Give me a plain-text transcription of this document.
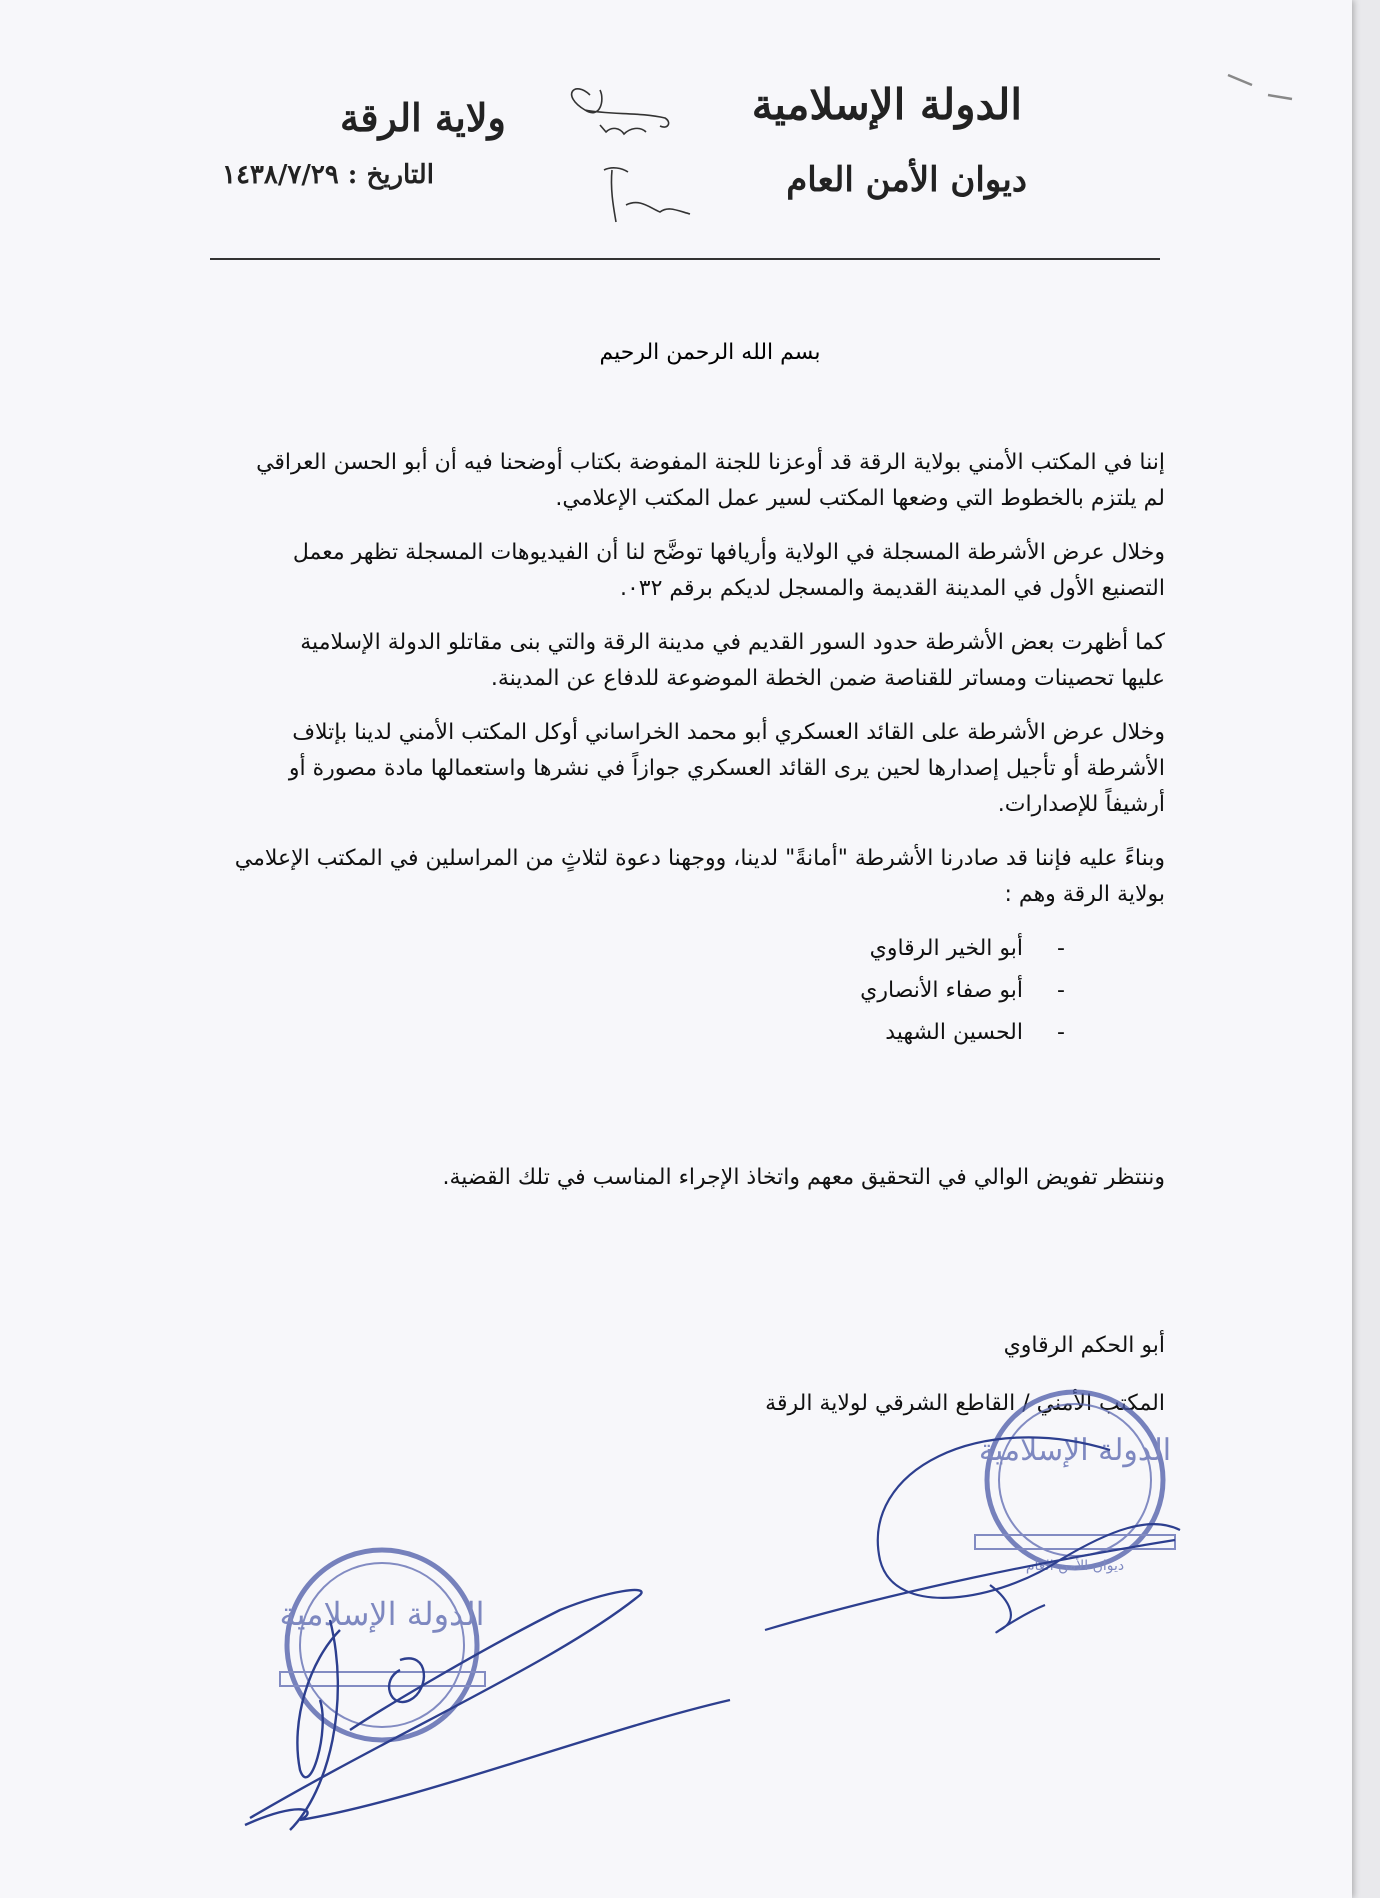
الدولة الإسلامية
ديوان الأمن العام
ولاية الرقة
التاريخ : ١٤٣٨/٧/٢٩
بسم الله الرحمن الرحيم

إننا في المكتب الأمني بولاية الرقة قد أوعزنا للجنة المفوضة بكتاب أوضحنا فيه أن أبو الحسن العراقي لم يلتزم بالخطوط التي وضعها المكتب لسير عمل المكتب الإعلامي.

وخلال عرض الأشرطة المسجلة في الولاية وأريافها توضَّح لنا أن الفيديوهات المسجلة تظهر معمل التصنيع الأول في المدينة القديمة والمسجل لديكم برقم ٠٣٢.

كما أظهرت بعض الأشرطة حدود السور القديم في مدينة الرقة والتي بنى مقاتلو الدولة الإسلامية عليها تحصينات ومساتر للقناصة ضمن الخطة الموضوعة للدفاع عن المدينة.

وخلال عرض الأشرطة على القائد العسكري أبو محمد الخراساني أوكل المكتب الأمني لدينا بإتلاف الأشرطة أو تأجيل إصدارها لحين يرى القائد العسكري جوازاً في نشرها واستعمالها مادة مصورة أو أرشيفاً للإصدارات.

وبناءً عليه فإننا قد صادرنا الأشرطة "أمانةً" لدينا، ووجهنا دعوة لثلاثٍ من المراسلين في المكتب الإعلامي بولاية الرقة وهم :

-أبو الخير الرقاوي
-أبو صفاء الأنصاري
-الحسين الشهيد
وننتظر تفويض الوالي في التحقيق معهم واتخاذ الإجراء المناسب في تلك القضية.
أبو الحكم الرقاوي
المكتب الأمني / القاطع الشرقي لولاية الرقة
الدولة الإسلامية
ديوان الأمن العام
الدولة الإسلامية
